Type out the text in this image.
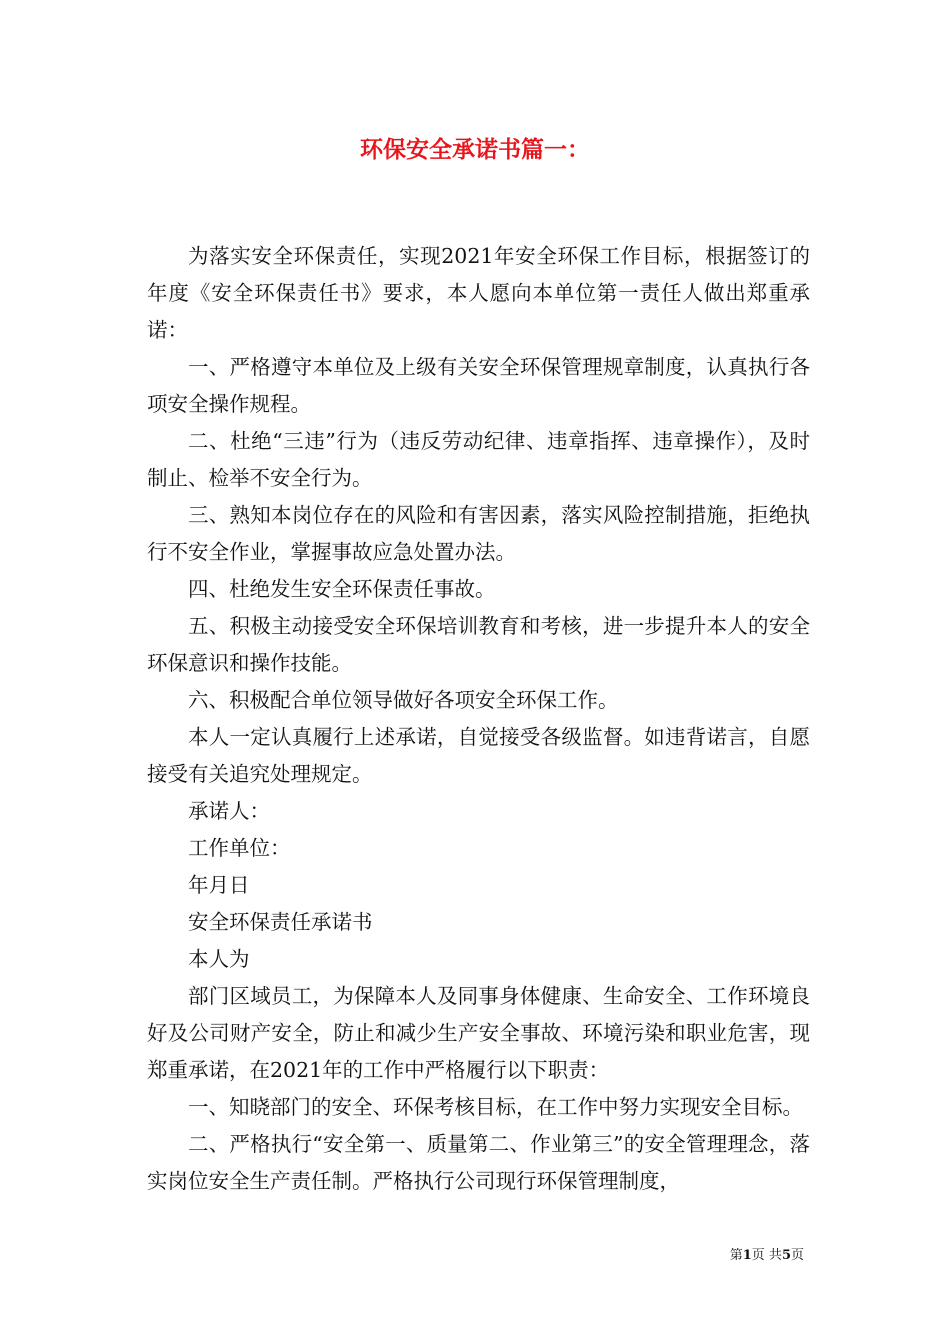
环保安全承诺书篇一：

为落实安全环保责任，实现2021年安全环保工作目标，根据签订的年度《安全环保责任书》要求，本人愿向本单位第一责任人做出郑重承诺：

一、严格遵守本单位及上级有关安全环保管理规章制度，认真执行各项安全操作规程。

二、杜绝“三违”行为（违反劳动纪律、违章指挥、违章操作），及时制止、检举不安全行为。

三、熟知本岗位存在的风险和有害因素，落实风险控制措施，拒绝执行不安全作业，掌握事故应急处置办法。

四、杜绝发生安全环保责任事故。

五、积极主动接受安全环保培训教育和考核，进一步提升本人的安全环保意识和操作技能。

六、积极配合单位领导做好各项安全环保工作。

本人一定认真履行上述承诺，自觉接受各级监督。如违背诺言，自愿接受有关追究处理规定。

承诺人：

工作单位：

年月日

安全环保责任承诺书

本人为

部门区域员工，为保障本人及同事身体健康、生命安全、工作环境良好及公司财产安全，防止和减少生产安全事故、环境污染和职业危害，现郑重承诺，在2021年的工作中严格履行以下职责：

一、知晓部门的安全、环保考核目标，在工作中努力实现安全目标。

二、严格执行“安全第一、质量第二、作业第三”的安全管理理念，落实岗位安全生产责任制。严格执行公司现行环保管理制度，

第1页 共5页
